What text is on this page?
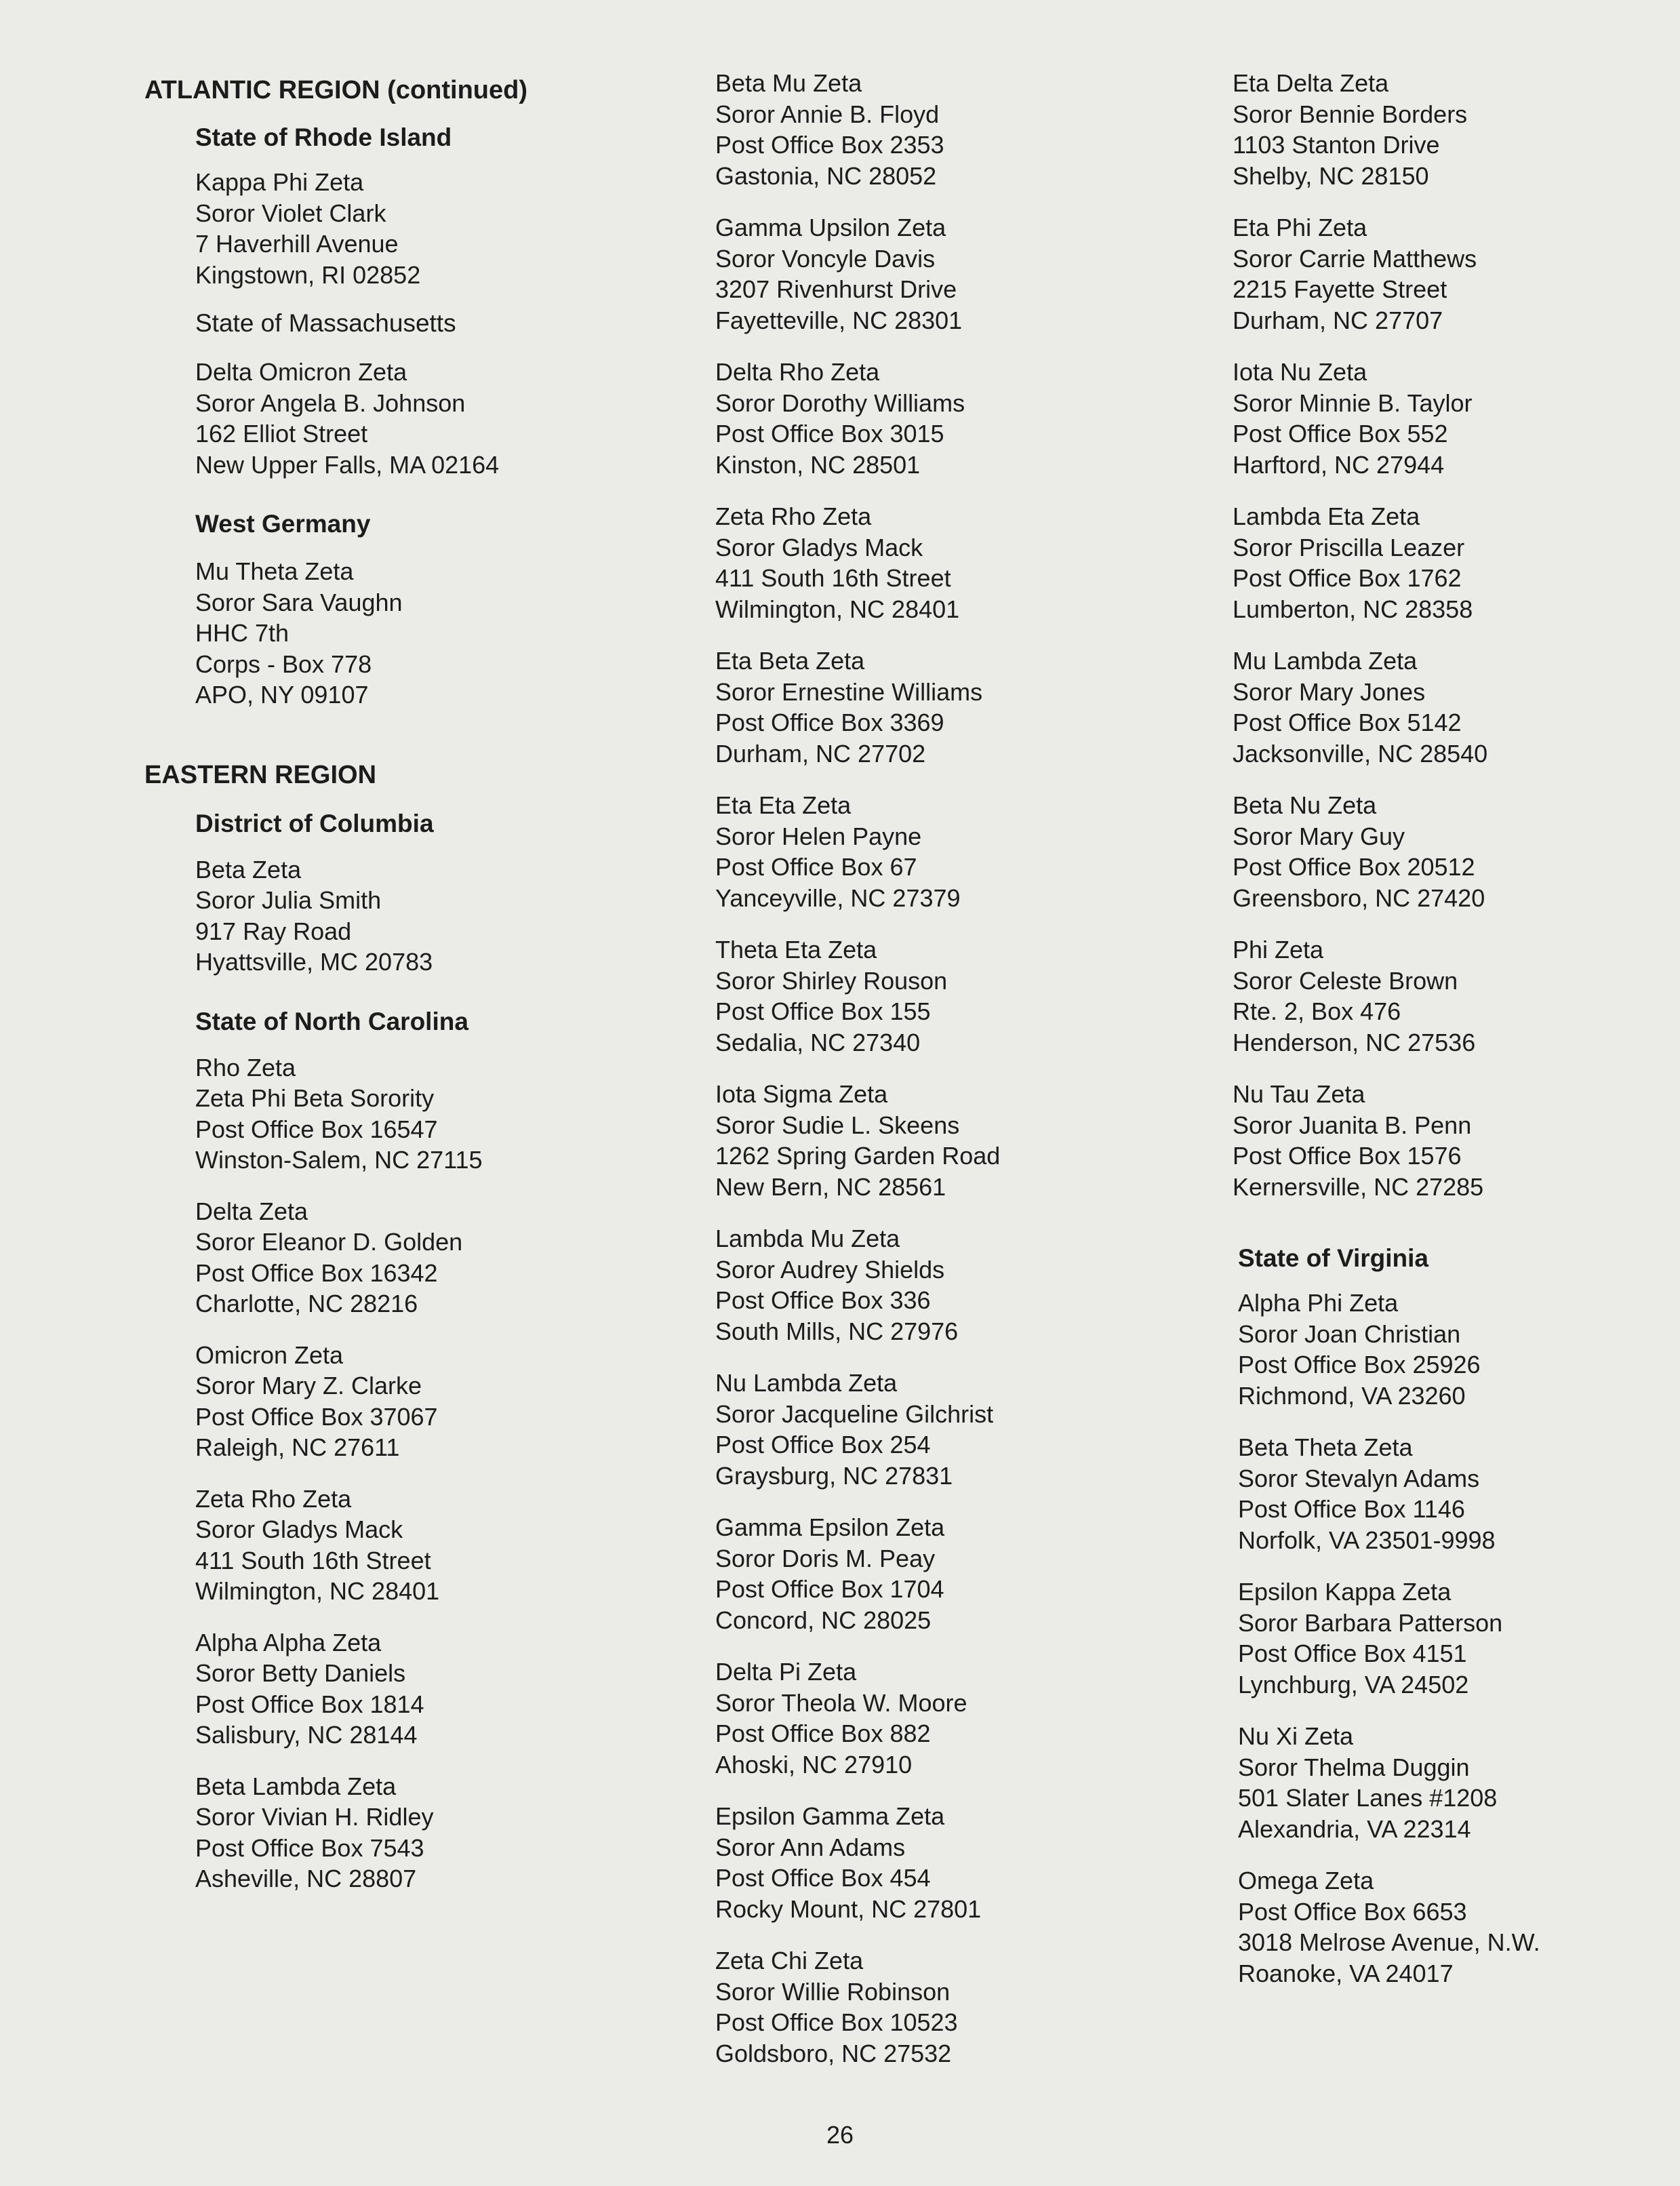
ATLANTIC REGION (continued)
State of Rhode Island
Kappa Phi Zeta
Soror Violet Clark
7 Haverhill Avenue
Kingstown, RI 02852
State of Massachusetts
Delta Omicron Zeta
Soror Angela B. Johnson
162 Elliot Street
New Upper Falls, MA 02164
West Germany
Mu Theta Zeta
Soror Sara Vaughn
HHC 7th
Corps - Box 778
APO, NY 09107
EASTERN REGION
District of Columbia
Beta Zeta
Soror Julia Smith
917 Ray Road
Hyattsville, MC 20783
State of North Carolina
Rho Zeta
Zeta Phi Beta Sorority
Post Office Box 16547
Winston-Salem, NC 27115
Delta Zeta
Soror Eleanor D. Golden
Post Office Box 16342
Charlotte, NC 28216
Omicron Zeta
Soror Mary Z. Clarke
Post Office Box 37067
Raleigh, NC 27611
Zeta Rho Zeta
Soror Gladys Mack
411 South 16th Street
Wilmington, NC 28401
Alpha Alpha Zeta
Soror Betty Daniels
Post Office Box 1814
Salisbury, NC 28144
Beta Lambda Zeta
Soror Vivian H. Ridley
Post Office Box 7543
Asheville, NC 28807
Beta Mu Zeta
Soror Annie B. Floyd
Post Office Box 2353
Gastonia, NC 28052
Gamma Upsilon Zeta
Soror Voncyle Davis
3207 Rivenhurst Drive
Fayetteville, NC 28301
Delta Rho Zeta
Soror Dorothy Williams
Post Office Box 3015
Kinston, NC 28501
Zeta Rho Zeta
Soror Gladys Mack
411 South 16th Street
Wilmington, NC 28401
Eta Beta Zeta
Soror Ernestine Williams
Post Office Box 3369
Durham, NC 27702
Eta Eta Zeta
Soror Helen Payne
Post Office Box 67
Yanceyville, NC 27379
Theta Eta Zeta
Soror Shirley Rouson
Post Office Box 155
Sedalia, NC 27340
Iota Sigma Zeta
Soror Sudie L. Skeens
1262 Spring Garden Road
New Bern, NC 28561
Lambda Mu Zeta
Soror Audrey Shields
Post Office Box 336
South Mills, NC 27976
Nu Lambda Zeta
Soror Jacqueline Gilchrist
Post Office Box 254
Graysburg, NC 27831
Gamma Epsilon Zeta
Soror Doris M. Peay
Post Office Box 1704
Concord, NC 28025
Delta Pi Zeta
Soror Theola W. Moore
Post Office Box 882
Ahoski, NC 27910
Epsilon Gamma Zeta
Soror Ann Adams
Post Office Box 454
Rocky Mount, NC 27801
Zeta Chi Zeta
Soror Willie Robinson
Post Office Box 10523
Goldsboro, NC 27532
Eta Delta Zeta
Soror Bennie Borders
1103 Stanton Drive
Shelby, NC 28150
Eta Phi Zeta
Soror Carrie Matthews
2215 Fayette Street
Durham, NC 27707
Iota Nu Zeta
Soror Minnie B. Taylor
Post Office Box 552
Harftord, NC 27944
Lambda Eta Zeta
Soror Priscilla Leazer
Post Office Box 1762
Lumberton, NC 28358
Mu Lambda Zeta
Soror Mary Jones
Post Office Box 5142
Jacksonville, NC 28540
Beta Nu Zeta
Soror Mary Guy
Post Office Box 20512
Greensboro, NC 27420
Phi Zeta
Soror Celeste Brown
Rte. 2, Box 476
Henderson, NC 27536
Nu Tau Zeta
Soror Juanita B. Penn
Post Office Box 1576
Kernersville, NC 27285
State of Virginia
Alpha Phi Zeta
Soror Joan Christian
Post Office Box 25926
Richmond, VA 23260
Beta Theta Zeta
Soror Stevalyn Adams
Post Office Box 1146
Norfolk, VA 23501-9998
Epsilon Kappa Zeta
Soror Barbara Patterson
Post Office Box 4151
Lynchburg, VA 24502
Nu Xi Zeta
Soror Thelma Duggin
501 Slater Lanes #1208
Alexandria, VA 22314
Omega Zeta
Post Office Box 6653
3018 Melrose Avenue, N.W.
Roanoke, VA 24017
26
